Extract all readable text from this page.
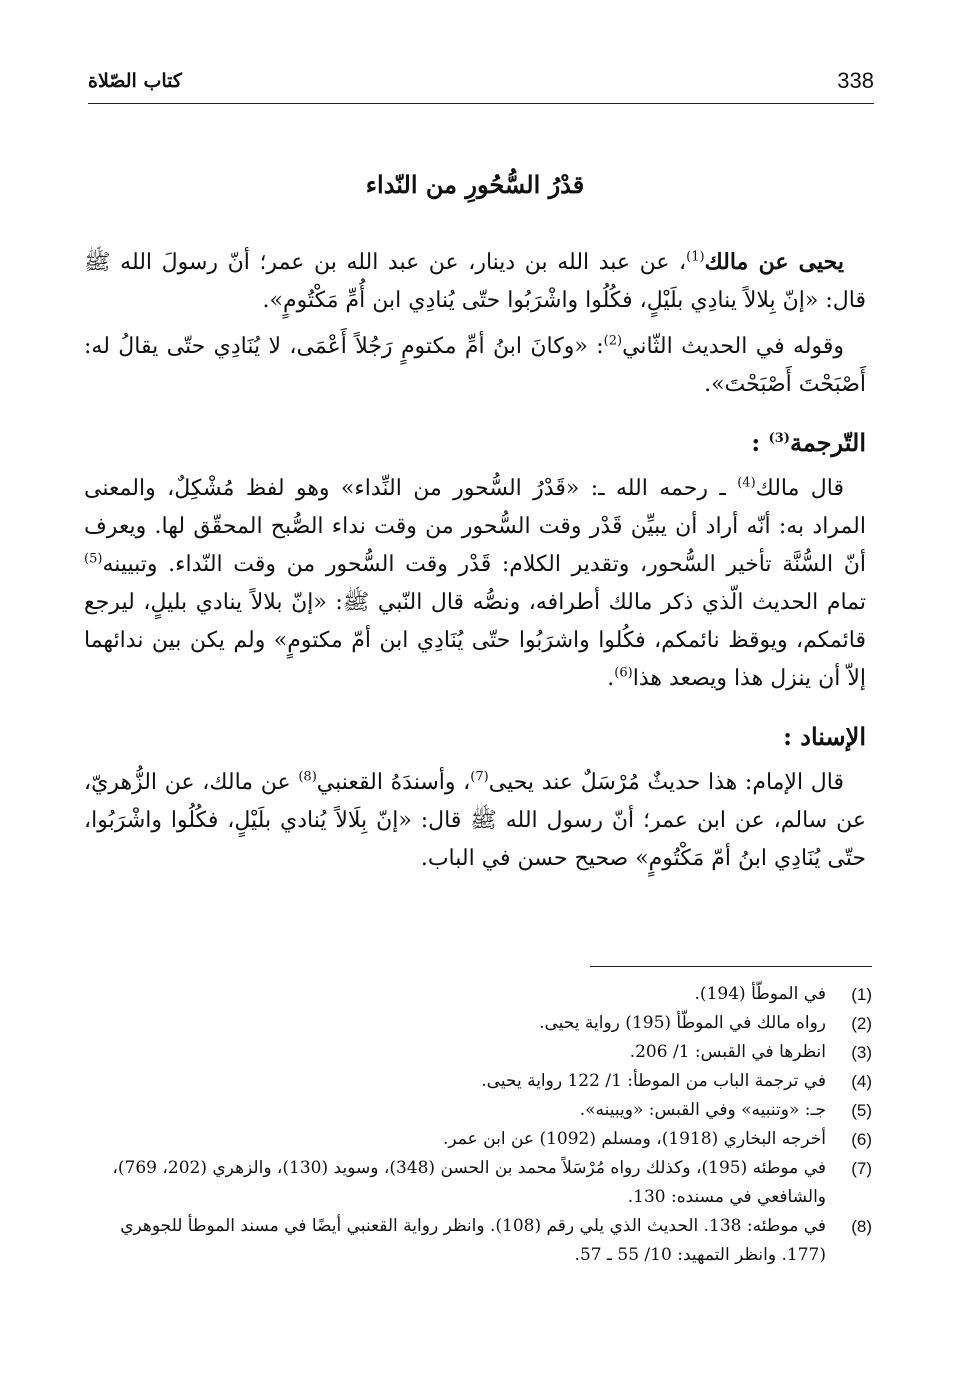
338
كتاب الصّلاة
قدْرُ السُّحُورِ من النّداء

يحيى عن مالك$^{(1)}$، عن عبد الله بن دينار، عن عبد الله بن عمر؛ أنّ رسولَ الله ﷺ قال: «إنّ بِلالاً ينادِي بلَيْلٍ، فكُلُوا واشْرَبُوا حتّى يُنادِي ابن أُمِّ مَكْتُومٍ».

وقوله في الحديث الثّاني$^{(2)}$: «وكانَ ابنُ أمِّ مكتومٍ رَجُلاً أَعْمَى، لا يُنَادِي حتّى يقالُ له: أَصْبَحْتَ أَصْبَحْتَ».

التّرجمة$^{(3)}$ :

قال مالك$^{(4)}$ ـ رحمه الله ـ: «قَدْرُ السُّحور من النِّداء» وهو لفظ مُشْكِلٌ، والمعنى المراد به: أنّه أراد أن يبيِّن قَدْر وقت السُّحور من وقت نداء الصُّبح المحقّق لها. ويعرف أنّ السُّنَّة تأخير السُّحور، وتقدير الكلام: قَدْر وقت السُّحور من وقت النّداء. وتبيينه$^{(5)}$ تمام الحديث الّذي ذكر مالك أطرافه، ونصُّه قال النّبي ﷺ: «إنّ بلالاً ينادي بليلٍ، ليرجع قائمكم، ويوقظ نائمكم، فكُلوا واشرَبُوا حتّى يُنَادِي ابن أمّ مكتومٍ» ولم يكن بين ندائهما إلاّ أن ينزل هذا ويصعد هذا$^{(6)}$.

الإسناد :

قال الإمام: هذا حديثٌ مُرْسَلٌ عند يحيى$^{(7)}$، وأسندَهُ القعنبي$^{(8)}$ عن مالك، عن الزُّهريّ، عن سالم، عن ابن عمر؛ أنّ رسول الله ﷺ قال: «إنّ بِلَالاً يُنادي بلَيْلٍ، فكُلُوا واشْرَبُوا، حتّى يُنَادِي ابنُ أمّ مَكْتُومٍ» صحيح حسن في الباب.

(1)
في الموطّأ (194).
(2)
رواه مالك في الموطّأ (195) رواية يحيى.
(3)
انظرها في القبس: 1/ 206.
(4)
في ترجمة الباب من الموطأ: 1/ 122 رواية يحيى.
(5)
جـ: «وتنبيه» وفي القبس: «ويبينه».
(6)
أخرجه البخاري (1918)، ومسلم (1092) عن ابن عمر.
(7)
في موطئه (195)، وكذلك رواه مُرْسَلاً محمد بن الحسن (348)، وسويد (130)، والزهري (202، 769)، والشافعي في مسنده: 130.
(8)
في موطئه: 138. الحديث الذي يلي رقم (108). وانظر رواية القعنبي أيضًا في مسند الموطأ للجوهري (177. وانظر التمهيد: 10/ 55 ـ 57.
